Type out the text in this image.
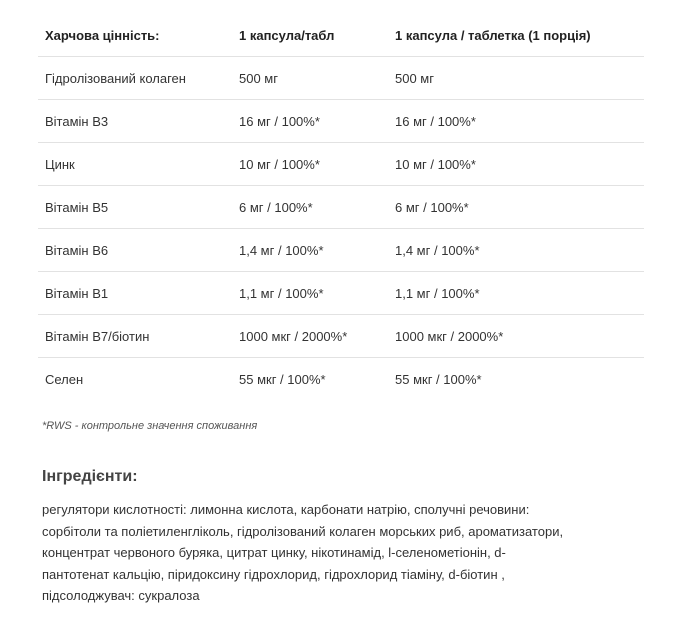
Харчова цінність:	1 капсула/табл	1 капсула / таблетка (1 порція)
Гідролізований колаген	500 мг	500 мг
Вітамін В3	16 мг / 100%*	16 мг / 100%*
Цинк	10 мг / 100%*	10 мг / 100%*
Вітамін В5	6 мг / 100%*	6 мг / 100%*
Вітамін В6	1,4 мг / 100%*	1,4 мг / 100%*
Вітамін В1	1,1 мг / 100%*	1,1 мг / 100%*
Вітамін В7/біотин	1000 мкг / 2000%*	1000 мкг / 2000%*
Селен	55 мкг / 100%*	55 мкг / 100%*
*RWS - контрольне значення споживання
Інгредієнти:
регулятори кислотності: лимонна кислота, карбонати натрію, сполучні речовини:
сорбітоли та поліетиленгліколь, гідролізований колаген морських риб, ароматизатори,
концентрат червоного буряка, цитрат цинку, нікотинамід, l-селенометіонін, d-
пантотенат кальцію, піридоксину гідрохлорид, гідрохлорид тіаміну, d-біотин ,
підсолоджувач: сукралоза
